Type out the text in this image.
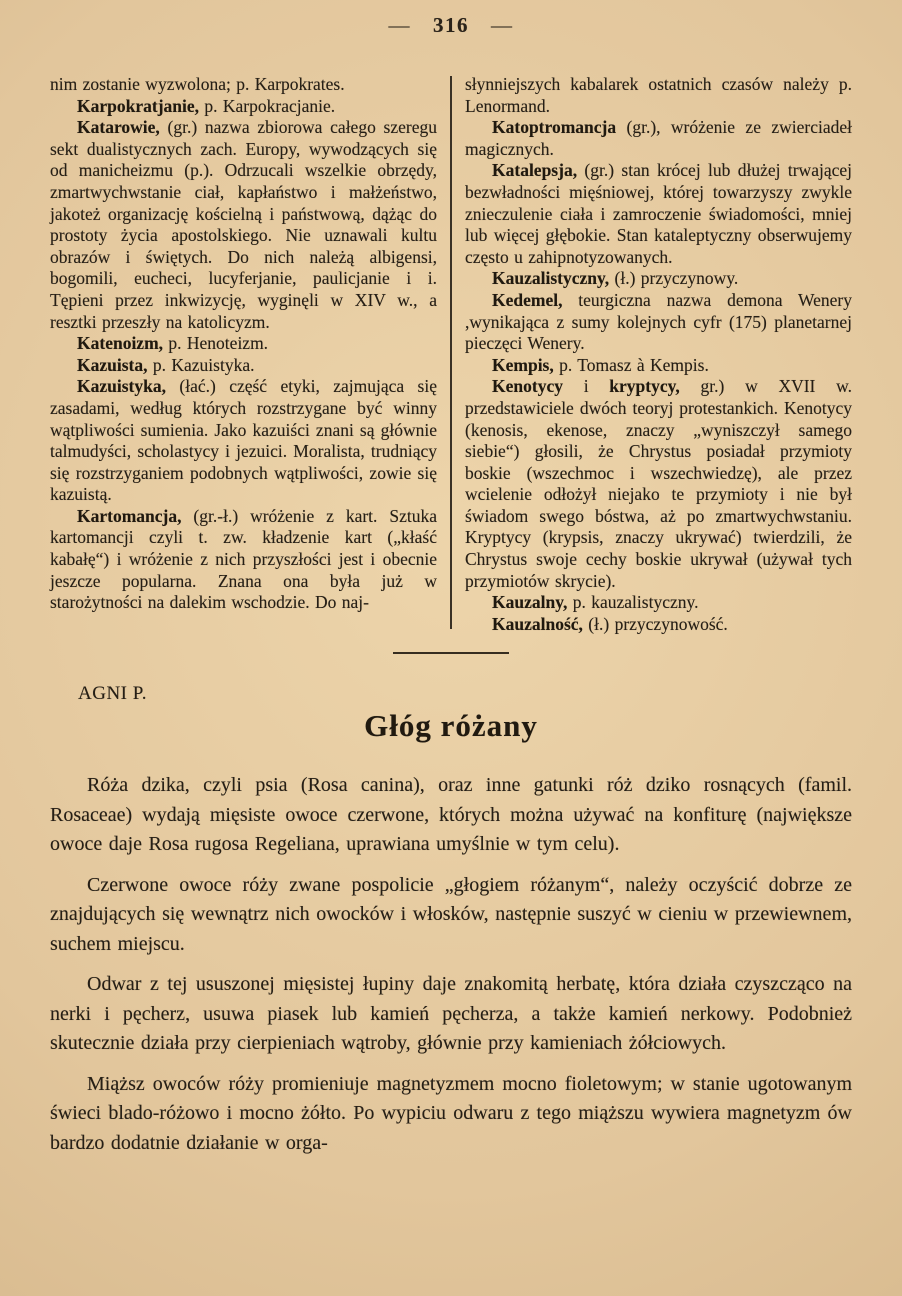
— 316 —

nim zostanie wyzwolona; p. Karpokrates.

Karpokratjanie, p. Karpokracjanie.

Katarowie, (gr.) nazwa zbiorowa całego szeregu sekt dualistycznych zach. Europy, wywodzących się od manicheizmu (p.). Odrzucali wszelkie obrzędy, zmartwychwstanie ciał, kapłaństwo i małżeństwo, jakoteż organizację kościelną i państwową, dążąc do prostoty życia apostolskiego. Nie uznawali kultu obrazów i świętych. Do nich należą albigensi, bogomili, eucheci, lucyferjanie, paulicjanie i i. Tępieni przez inkwizycję, wyginęli w XIV w., a resztki przeszły na katolicyzm.

Katenoizm, p. Henoteizm.

Kazuista, p. Kazuistyka.

Kazuistyka, (łać.) część etyki, zajmująca się zasadami, według których rozstrzygane być winny wątpliwości sumienia. Jako kazuiści znani są głównie talmudyści, scholastycy i jezuici. Moralista, trudniący się rozstrzyganiem podobnych wątpliwości, zowie się kazuistą.

Kartomancja, (gr.-ł.) wróżenie z kart. Sztuka kartomancji czyli t. zw. kładzenie kart („kłaść kabałę“) i wróżenie z nich przyszłości jest i obecnie jeszcze popularna. Znana ona była już w starożytności na dalekim wschodzie. Do naj-

słynniejszych kabalarek ostatnich czasów należy p. Lenormand.

Katoptromancja (gr.), wróżenie ze zwierciadeł magicznych.

Katalepsja, (gr.) stan krócej lub dłużej trwającej bezwładności mięśniowej, której towarzyszy zwykle znieczulenie ciała i zamroczenie świadomości, mniej lub więcej głębokie. Stan kataleptyczny obserwujemy często u zahipnotyzowanych.

Kauzalistyczny, (ł.) przyczynowy.

Kedemel, teurgiczna nazwa demona Wenery ,wynikająca z sumy kolejnych cyfr (175) planetarnej pieczęci Wenery.

Kempis, p. Tomasz à Kempis.

Kenotycy i kryptycy, gr.) w XVII w. przedstawiciele dwóch teoryj protestankich. Kenotycy (kenosis, ekenose, znaczy „wyniszczył samego siebie“) głosili, że Chrystus posiadał przymioty boskie (wszechmoc i wszechwiedzę), ale przez wcielenie odłożył niejako te przymioty i nie był świadom swego bóstwa, aż po zmartwychwstaniu. Kryptycy (krypsis, znaczy ukrywać) twierdzili, że Chrystus swoje cechy boskie ukrywał (używał tych przymiotów skrycie).

Kauzalny, p. kauzalistyczny.

Kauzalność, (ł.) przyczynowość.

AGNI P.
Głóg różany

Róża dzika, czyli psia (Rosa canina), oraz inne gatunki róż dziko rosnących (famil. Rosaceae) wydają mięsiste owoce czerwone, których można używać na konfiturę (największe owoce daje Rosa rugosa Regeliana, uprawiana umyślnie w tym celu).

Czerwone owoce róży zwane pospolicie „głogiem różanym“, należy oczyścić dobrze ze znajdujących się wewnątrz nich owocków i włosków, następnie suszyć w cieniu w przewiewnem, suchem miejscu.

Odwar z tej ususzonej mięsistej łupiny daje znakomitą herbatę, która działa czyszcząco na nerki i pęcherz, usuwa piasek lub kamień pęcherza, a także kamień nerkowy. Podobnież skutecznie działa przy cierpieniach wątroby, głównie przy kamieniach żółciowych.

Miąższ owoców róży promieniuje magnetyzmem mocno fioletowym; w stanie ugotowanym świeci blado-różowo i mocno żółto. Po wypiciu odwaru z tego miąższu wywiera magnetyzm ów bardzo dodatnie działanie w orga-
